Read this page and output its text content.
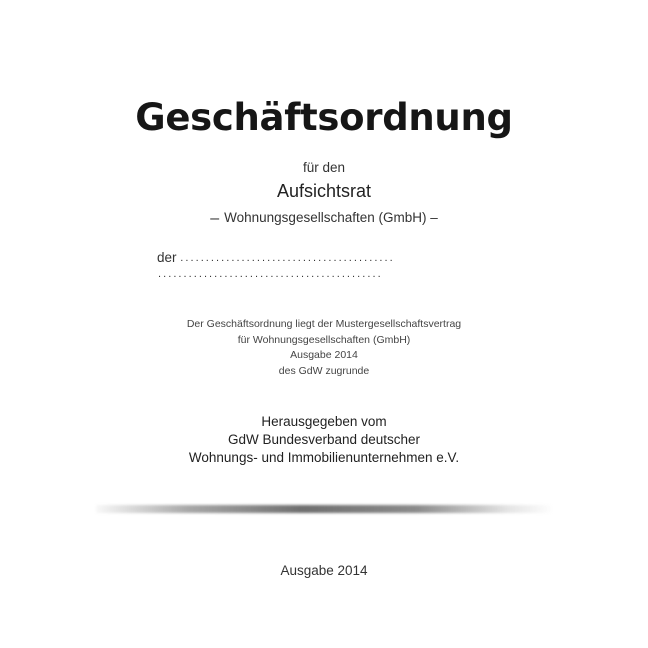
Geschäftsordnung
für den
Aufsichtsrat
– Wohnungsgesellschaften (GmbH) –
der ..........................................
............................................
Der Geschäftsordnung liegt der Mustergesellschaftsvertrag
für Wohnungsgesellschaften (GmbH)
Ausgabe 2014
des GdW zugrunde
Herausgegeben vom
GdW Bundesverband deutscher
Wohnungs- und Immobilienunternehmen e.V.
Ausgabe 2014
